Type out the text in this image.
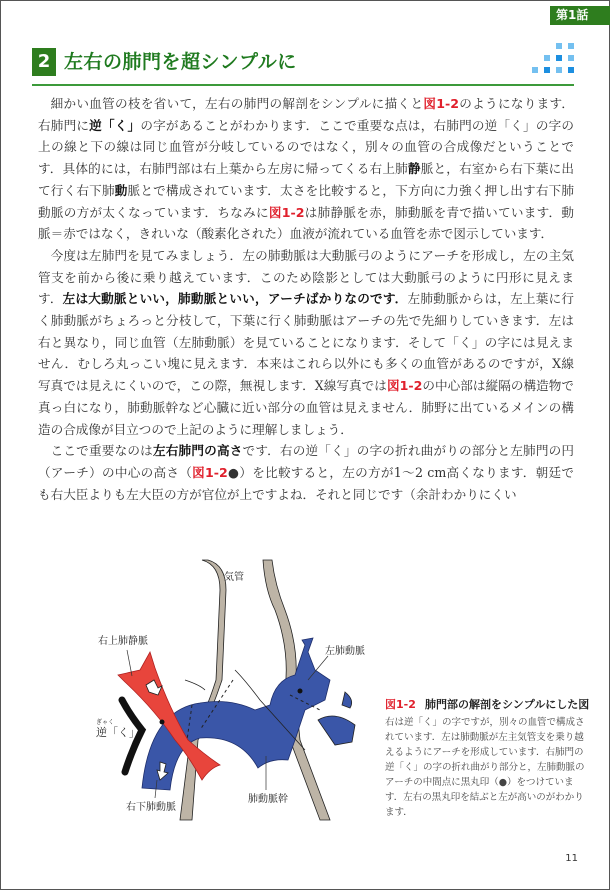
第1話
2 左右の肺門を超シンプルに

細かい血管の枝を省いて，左右の肺門の解剖をシンプルに描くと図1-2のようになります．右肺門に逆「く」の字があることがわかります．ここで重要な点は，右肺門の逆「く」の字の上の線と下の線は同じ血管が分岐しているのではなく，別々の血管の合成像だということです．具体的には，右肺門部は右上葉から左房に帰ってくる右上肺静脈と，右室から右下葉に出て行く右下肺動脈とで構成されています．太さを比較すると，下方向に力強く押し出す右下肺動脈の方が太くなっています．ちなみに図1-2は肺静脈を赤，肺動脈を青で描いています．動脈＝赤ではなく，きれいな（酸素化された）血液が流れている血管を赤で図示しています．

今度は左肺門を見てみましょう．左の肺動脈は大動脈弓のようにアーチを形成し，左の主気管支を前から後に乗り越えています．このため陰影としては大動脈弓のように円形に見えます．左は大動脈といい，肺動脈といい，アーチばかりなのです．左肺動脈からは，左上葉に行く肺動脈がちょろっと分枝して，下葉に行く肺動脈はアーチの先で先細りしていきます．左は右と異なり，同じ血管（左肺動脈）を見ていることになります．そして「く」の字には見えません．むしろ丸っこい塊に見えます．本来はこれら以外にも多くの血管があるのですが，X線写真では見えにくいので，この際，無視します．X線写真では図1-2の中心部は縦隔の構造物で真っ白になり，肺動脈幹など心臓に近い部分の血管は見えません．肺野に出ているメインの構造の合成像が目立つので上記のように理解しましょう．

ここで重要なのは左右肺門の高さです．右の逆「く」の字の折れ曲がりの部分と左肺門の円（アーチ）の中心の高さ（図1-2●）を比較すると，左の方が1～2 cm高くなります．朝廷でも右大臣よりも左大臣の方が官位が上ですよね．それと同じです（余計わかりにくい

気管
右上肺静脈
左肺動脈
ぎゃく
逆「く」
右下肺動脈
肺動脈幹
図1-2 肺門部の解剖をシンプルにした図
右は逆「く」の字ですが，別々の血管で構成されています．左は肺動脈が左主気管支を乗り越えるようにアーチを形成しています．右肺門の逆「く」の字の折れ曲がり部分と，左肺動脈のアーチの中間点に黒丸印（●）をつけています．左右の黒丸印を結ぶと左が高いのがわかります．
11
